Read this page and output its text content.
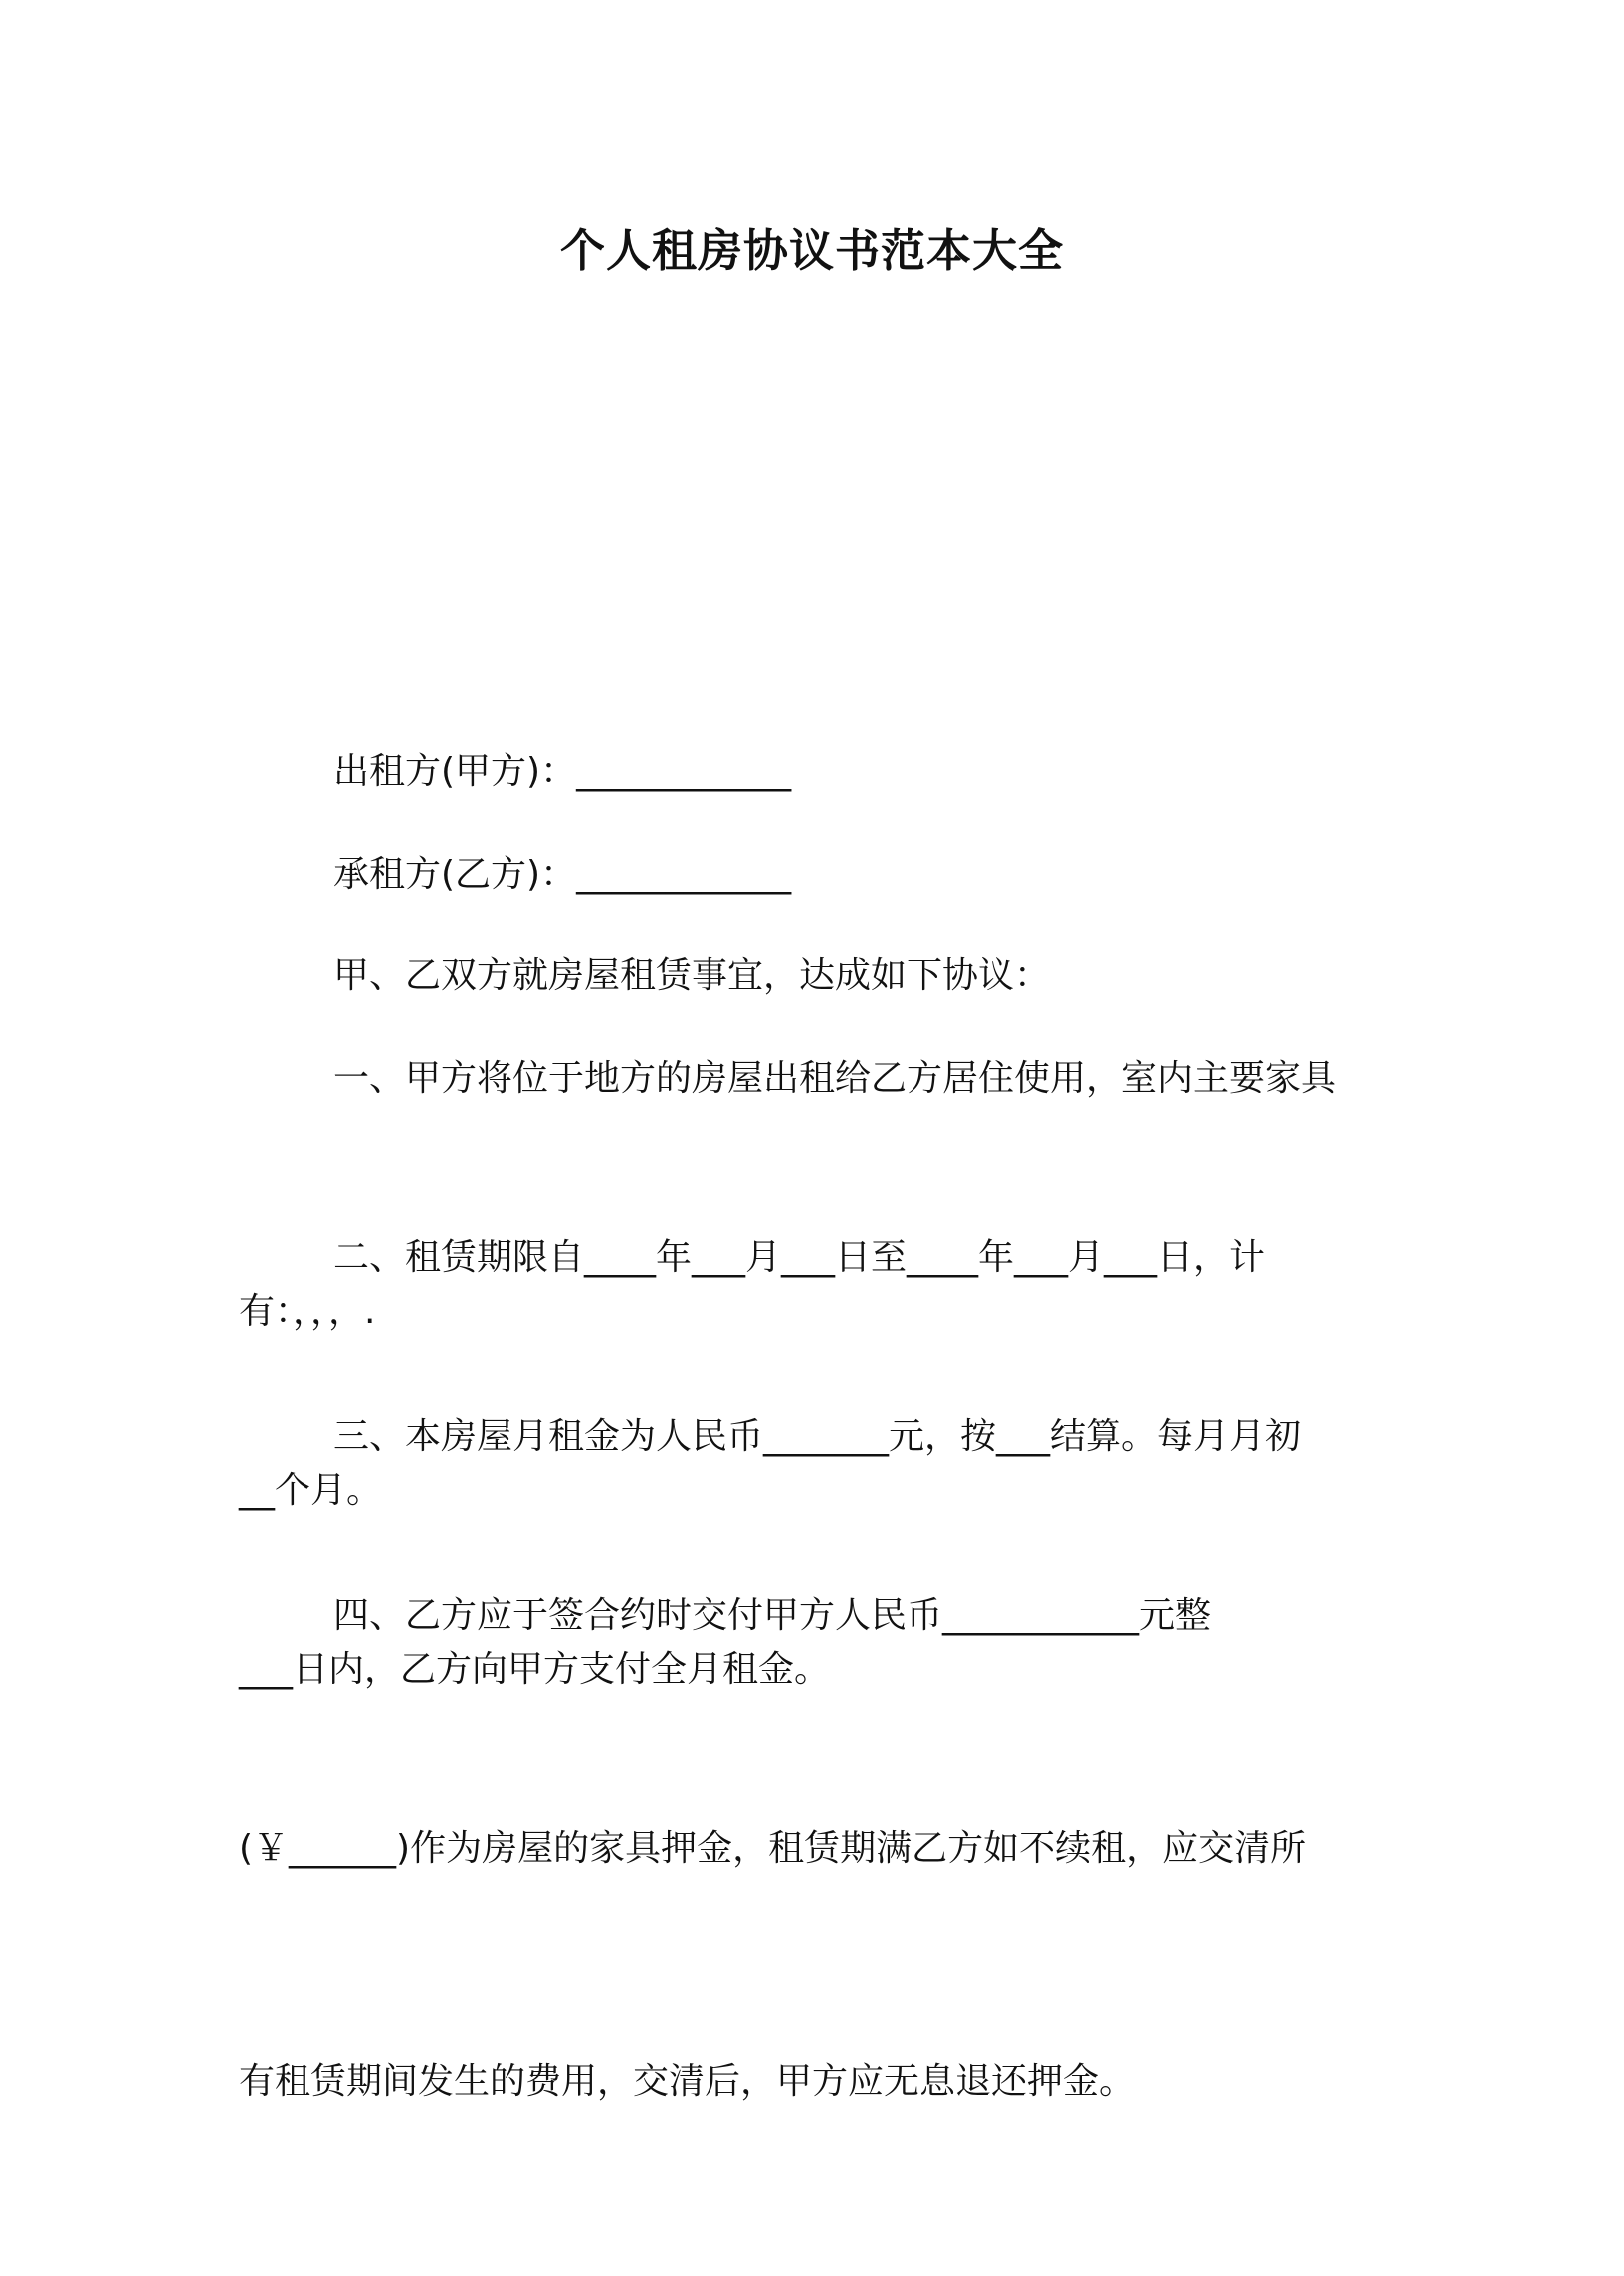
个人租房协议书范本大全

出租方(甲方)：____________

承租方(乙方)：____________

甲、乙双方就房屋租赁事宜，达成如下协议：

一、甲方将位于地方的房屋出租给乙方居住使用，室内主要家具

有：，，，.

二、租赁期限自____年___月___日至____年___月___日，计

__个月。

三、本房屋月租金为人民币_______元，按___结算。每月月初

___日内，乙方向甲方支付全月租金。

四、乙方应于签合约时交付甲方人民币___________元整

(￥______)作为房屋的家具押金，租赁期满乙方如不续租，应交清所

有租赁期间发生的费用，交清后，甲方应无息退还押金。
